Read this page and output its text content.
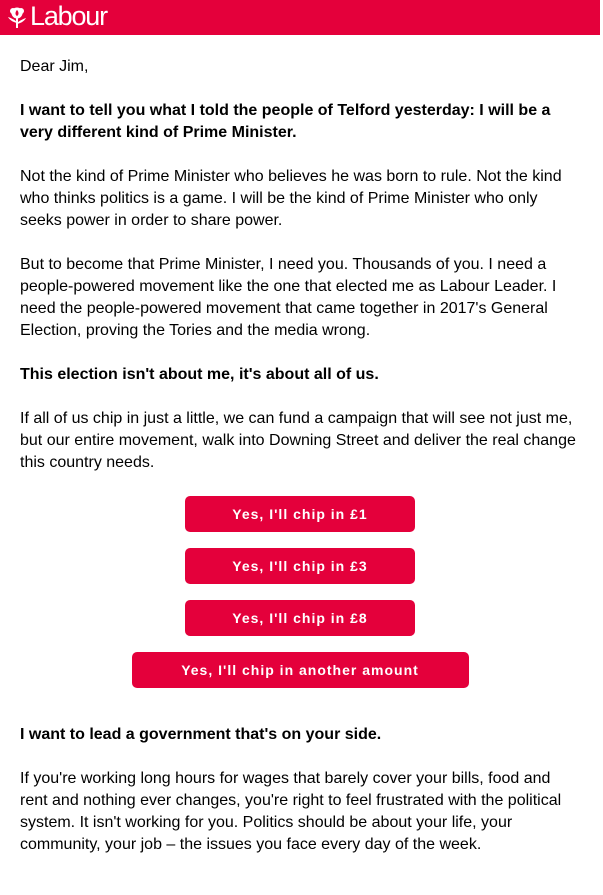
Labour

Dear Jim,

I want to tell you what I told the people of Telford yesterday: I will be a very different kind of Prime Minister.

Not the kind of Prime Minister who believes he was born to rule. Not the kind who thinks politics is a game. I will be the kind of Prime Minister who only seeks power in order to share power.

But to become that Prime Minister, I need you. Thousands of you. I need a people-powered movement like the one that elected me as Labour Leader. I need the people-powered movement that came together in 2017's General Election, proving the Tories and the media wrong.

This election isn't about me, it's about all of us.

If all of us chip in just a little, we can fund a campaign that will see not just me, but our entire movement, walk into Downing Street and deliver the real change this country needs.

Yes, I'll chip in £1
Yes, I'll chip in £3
Yes, I'll chip in £8
Yes, I'll chip in another amount

I want to lead a government that's on your side.

If you're working long hours for wages that barely cover your bills, food and rent and nothing ever changes, you're right to feel frustrated with the political system. It isn't working for you. Politics should be about your life, your community, your job – the issues you face every day of the week.
